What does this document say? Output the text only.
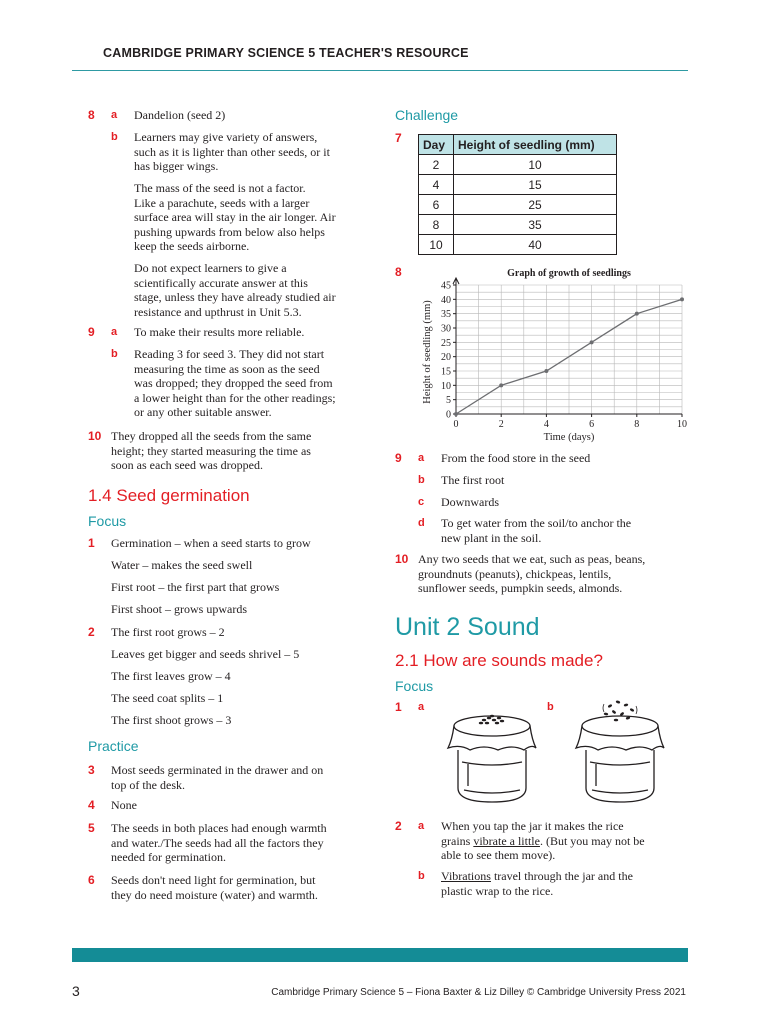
CAMBRIDGE PRIMARY SCIENCE 5 TEACHER'S RESOURCE
8 a Dandelion (seed 2)
b Learners may give variety of answers,
such as it is lighter than other seeds, or it
has bigger wings.
The mass of the seed is not a factor.
Like a parachute, seeds with a larger
surface area will stay in the air longer. Air
pushing upwards from below also helps
keep the seeds airborne.
Do not expect learners to give a
scientifically accurate answer at this
stage, unless they have already studied air
resistance and upthrust in Unit 5.3.
9 a To make their results more reliable.
b Reading 3 for seed 3. They did not start
measuring the time as soon as the seed
was dropped; they dropped the seed from
a lower height than for the other readings;
or any other suitable answer.
10 They dropped all the seeds from the same
height; they started measuring the time as
soon as each seed was dropped.
1.4 Seed germination
Focus
1 Germination – when a seed starts to grow
Water – makes the seed swell
First root – the first part that grows
First shoot – grows upwards
2 The first root grows – 2
Leaves get bigger and seeds shrivel – 5
The first leaves grow – 4
The seed coat splits – 1
The first shoot grows – 3
Practice
3 Most seeds germinated in the drawer and on
top of the desk.
4 None
5 The seeds in both places had enough warmth
and water./The seeds had all the factors they
needed for germination.
6 Seeds don't need light for germination, but
they do need moisture (water) and warmth.
Challenge
7 Day	Height of seedling (mm)
2	10
4	15
6	25
8	35
10	40
8	Graph of growth of seedlings
0	2	4	6	8	10
0
5
10
15
20
25
30
35
40
45
Time (days)
Height of seedling (mm)
9 a From the food store in the seed
b The first root
c Downwards
d To get water from the soil/to anchor the
new plant in the soil.
10 Any two seeds that we eat, such as peas, beans,
groundnuts (peanuts), chickpeas, lentils,
sunflower seeds, pumpkin seeds, almonds.
Unit 2 Sound
2.1 How are sounds made?
Focus
1 a	b
2 a When you tap the jar it makes the rice
grains vibrate a little. (But you may not be
able to see them move).
b Vibrations travel through the jar and the
plastic wrap to the rice.
3	Cambridge Primary Science 5 – Fiona Baxter & Liz Dilley © Cambridge University Press 2021
